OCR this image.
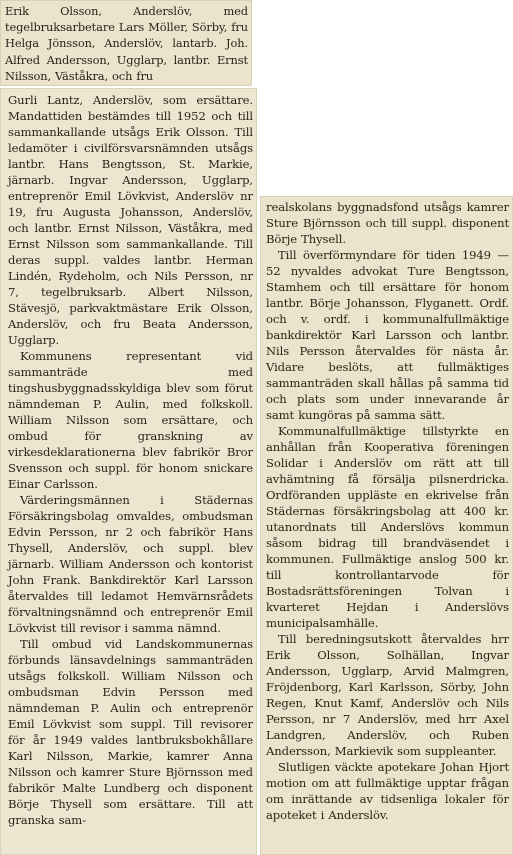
Erik Olsson, Anderslöv, med tegelbruksarbetare Lars Möller, Sörby, fru Helga Jönsson, Anderslöv, lantarb. Joh. Alfred Andersson, Ugglarp, lantbr. Ernst Nilsson, Väståkra, och fru

Gurli Lantz, Anderslöv, som ersättare. Mandattiden bestämdes till 1952 och till sammankallande utsågs Erik Olsson. Till ledamöter i civilförsvarsnämnden utsågs lantbr. Hans Bengtsson, St. Markie, järnarb. Ingvar Andersson, Ugglarp, entreprenör Emil Lövkvist, Anderslöv nr 19, fru Augusta Johansson, Anderslöv, och lantbr. Ernst Nilsson, Väståkra, med Ernst Nilsson som sammankallande. Till deras suppl. valdes lantbr. Herman Lindén, Rydeholm, och Nils Persson, nr 7, tegelbruksarb. Albert Nilsson, Stävesjö, parkvaktmästare Erik Olsson, Anderslöv, och fru Beata Andersson, Ugglarp.

Kommunens representant vid sammanträde med tingshusbyggnadsskyldiga blev som förut nämndeman P. Aulin, med folkskoll. William Nilsson som ersättare, och ombud för granskning av virkesdeklarationerna blev fabrikör Bror Svensson och suppl. för honom snickare Einar Carlsson.

Värderingsmännen i Städernas Försäkringsbolag omvaldes, ombudsman Edvin Persson, nr 2 och fabrikör Hans Thysell, Anderslöv, och suppl. blev järnarb. William Andersson och kontorist John Frank. Bankdirektör Karl Larsson återvaldes till ledamot Hemvärnsrådets förvaltningsnämnd och entreprenör Emil Lövkvist till revisor i samma nämnd.

Till ombud vid Landskommunernas förbunds länsavdelnings sammanträden utsågs folkskoll. William Nilsson och ombudsman Edvin Persson med nämndeman P. Aulin och entreprenör Emil Lövkvist som suppl. Till revisorer för år 1949 valdes lantbruksbokhållare Karl Nilsson, Markie, kamrer Anna Nilsson och kamrer Sture Björnsson med fabrikör Malte Lundberg och disponent Börje Thysell som ersättare. Till att granska sam-

realskolans byggnadsfond utsågs kamrer Sture Björnsson och till suppl. disponent Börje Thysell.

Till överförmyndare för tiden 1949 —52 nyvaldes advokat Ture Bengtsson, Stamhem och till ersättare för honom lantbr. Börje Johansson, Flyganett. Ordf. och v. ordf. i kommunalfullmäktige bankdirektör Karl Larsson och lantbr. Nils Persson återvaldes för nästa år. Vidare beslöts, att fullmäktiges sammanträden skall hållas på samma tid och plats som under innevarande år samt kungöras på samma sätt.

Kommunalfullmäktige tillstyrkte en anhållan från Kooperativa föreningen Solidar i Anderslöv om rätt att till avhämtning få försälja pilsnerdricka. Ordföranden uppläste en ekrivelse från Städernas försäkringsbolag att 400 kr. utanordnats till Anderslövs kommun såsom bidrag till brandväsendet i kommunen. Fullmäktige anslog 500 kr. till kontrollantarvode för Bostadsrättsföreningen Tolvan i kvarteret Hejdan i Anderslövs municipalsamhälle.

Till beredningsutskott återvaldes hrr Erik Olsson, Solhällan, Ingvar Andersson, Ugglarp, Arvid Malmgren, Fröjdenborg, Karl Karlsson, Sörby, John Regen, Knut Kamf, Anderslöv och Nils Persson, nr 7 Anderslöv, med hrr Axel Landgren, Anderslöv, och Ruben Andersson, Markievik som suppleanter.

Slutligen väckte apotekare Johan Hjort motion om att fullmäktige upptar frågan om inrättande av tidsenliga lokaler för apoteket i Anderslöv.
